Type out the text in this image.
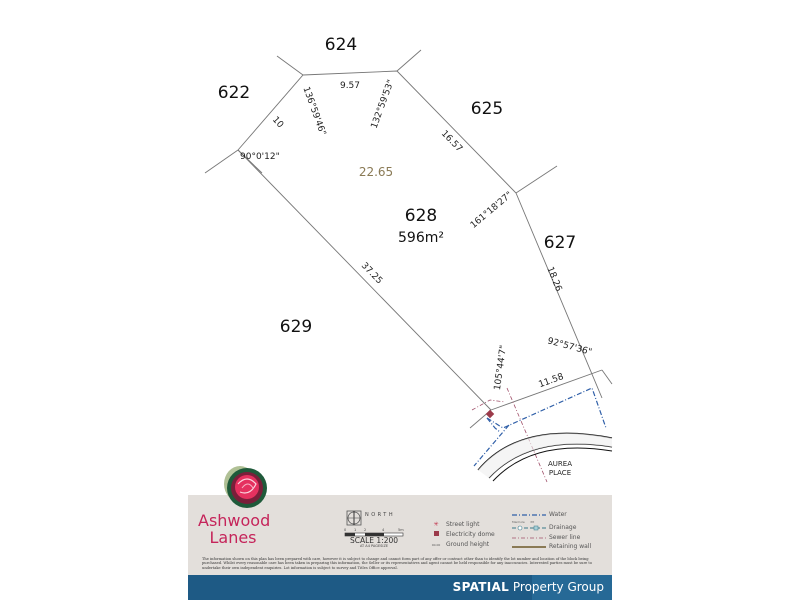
624
622
625
627
629
628
596m²
22.65
9.57
10
16.57
18.26
11.58
37.25
90°0'12"
136°59'46"	132°59'53"
161°18'27"
92°57'36"
105°44'7"
AUREA
PLACE
Ashwood
Lanes
NORTH
0 1 2	4	5m
SCALE 1:200
AT A4 PAGESIZE
✳ Street light
Electricity dome
00.00 Ground height
Water
Drainage
Manhole Pit
Sewer line
Retaining wall
The information shown on this plan has been prepared with care, however it is subject to change and cannot form part of any offer or contract other than to identify the lot number and location of the block being purchased. Whilst every reasonable care has been taken in preparing this information, the Seller or its representatives and agent cannot be held responsible for any inaccuracies. Interested parties must be sure to undertake their own independent enquiries. Lot information is subject to survey and Titles Office approval.
SPATIAL Property Group
